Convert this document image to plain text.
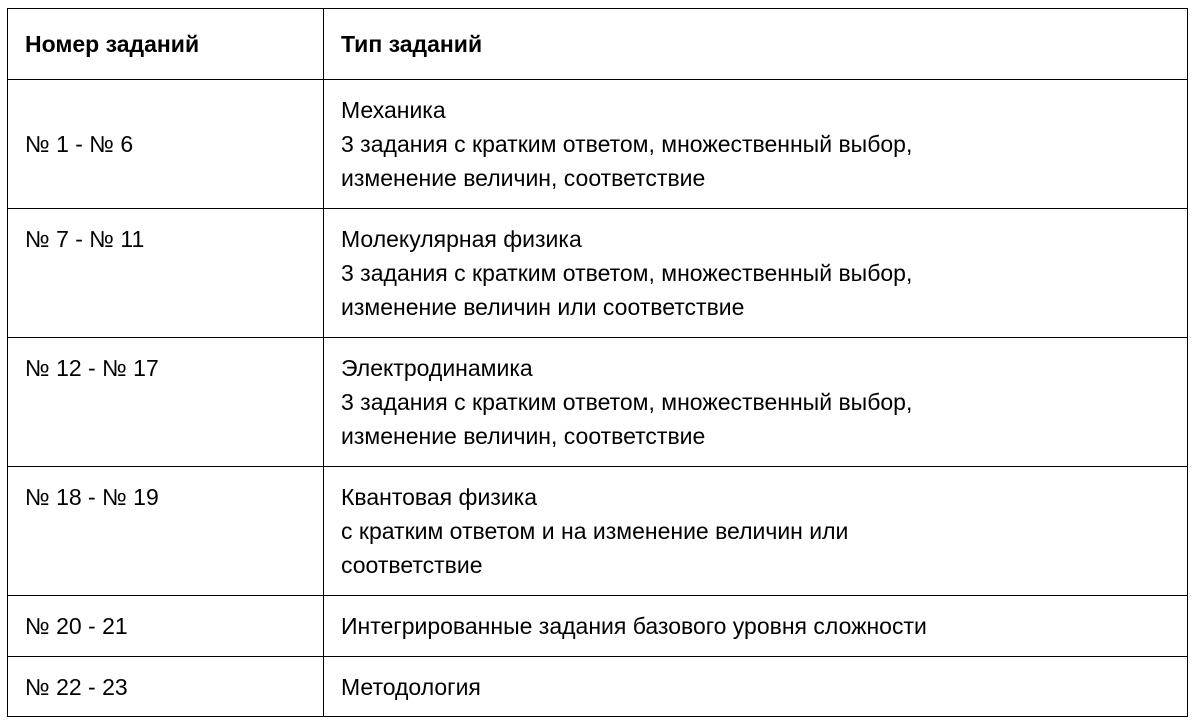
Номер заданий	Тип заданий
№ 1 - № 6	Механика
3 задания с кратким ответом, множественный выбор,
изменение величин, соответствие

№ 7 - № 11	Молекулярная физика
3 задания с кратким ответом, множественный выбор,
изменение величин или соответствие

№ 12 - № 17	Электродинамика
3 задания с кратким ответом, множественный выбор,
изменение величин, соответствие

№ 18 - № 19	Квантовая физика
с кратким ответом и на изменение величин или
соответствие

№ 20 - 21	Интегрированные задания базового уровня сложности

№ 22 - 23	Методология
